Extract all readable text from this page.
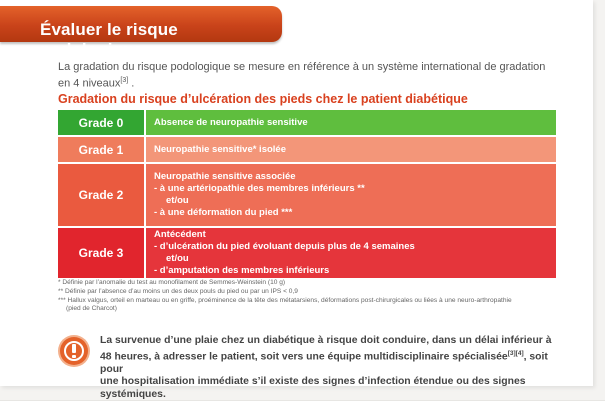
Évaluer le risque podologique
La gradation du risque podologique se mesure en référence à un système international de gradation en 4 niveaux[3] .
Gradation du risque d’ulcération des pieds chez le patient diabétique
Grade 0	Absence de neuropathie sensitive
Grade 1	Neuropathie sensitive* isolée
Grade 2
Neuropathie sensitive associée
- à une artériopathie des membres inférieurs **
et/ou
- à une déformation du pied ***
Grade 3
Antécédent
- d’ulcération du pied évoluant depuis plus de 4 semaines
et/ou
- d’amputation des membres inférieurs
* Définie par l’anomalie du test au monofilament de Semmes-Weinstein (10 g)
** Définie par l’absence d’au moins un des deux pouls du pied ou par un IPS < 0,9
*** Hallux valgus, orteil en marteau ou en griffe, proéminence de la tête des métatarsiens, déformations post-chirurgicales ou liées à une neuro-arthropathie
(pied de Charcot)
La survenue d’une plaie chez un diabétique à risque doit conduire, dans un délai inférieur à
48 heures, à adresser le patient, soit vers une équipe multidisciplinaire spécialisée[3][4], soit pour
une hospitalisation immédiate s’il existe des signes d’infection étendue ou des signes systémiques.
